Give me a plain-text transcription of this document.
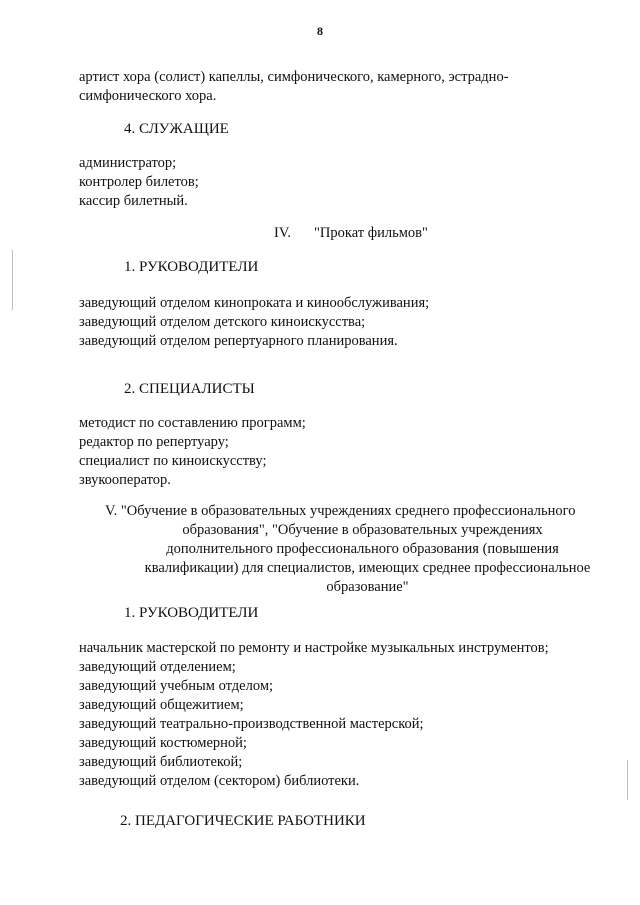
8
артист хора (солист) капеллы, симфонического, камерного, эстрадно-
симфонического хора.
4. СЛУЖАЩИЕ
администратор;
контролер билетов;
кассир билетный.
IV. "Прокат фильмов"
1. РУКОВОДИТЕЛИ
заведующий отделом кинопроката и кинообслуживания;
заведующий отделом детского киноискусства;
заведующий отделом репертуарного планирования.
2. СПЕЦИАЛИСТЫ
методист по составлению программ;
редактор по репертуару;
специалист по киноискусству;
звукооператор.
V. "Обучение в образовательных учреждениях среднего профессионального
образования", "Обучение в образовательных учреждениях
дополнительного профессионального образования (повышения
квалификации) для специалистов, имеющих среднее профессиональное
образование"
1. РУКОВОДИТЕЛИ
начальник мастерской по ремонту и настройке музыкальных инструментов;
заведующий отделением;
заведующий учебным отделом;
заведующий общежитием;
заведующий театрально-производственной мастерской;
заведующий костюмерной;
заведующий библиотекой;
заведующий отделом (сектором) библиотеки.
2. ПЕДАГОГИЧЕСКИЕ РАБОТНИКИ
